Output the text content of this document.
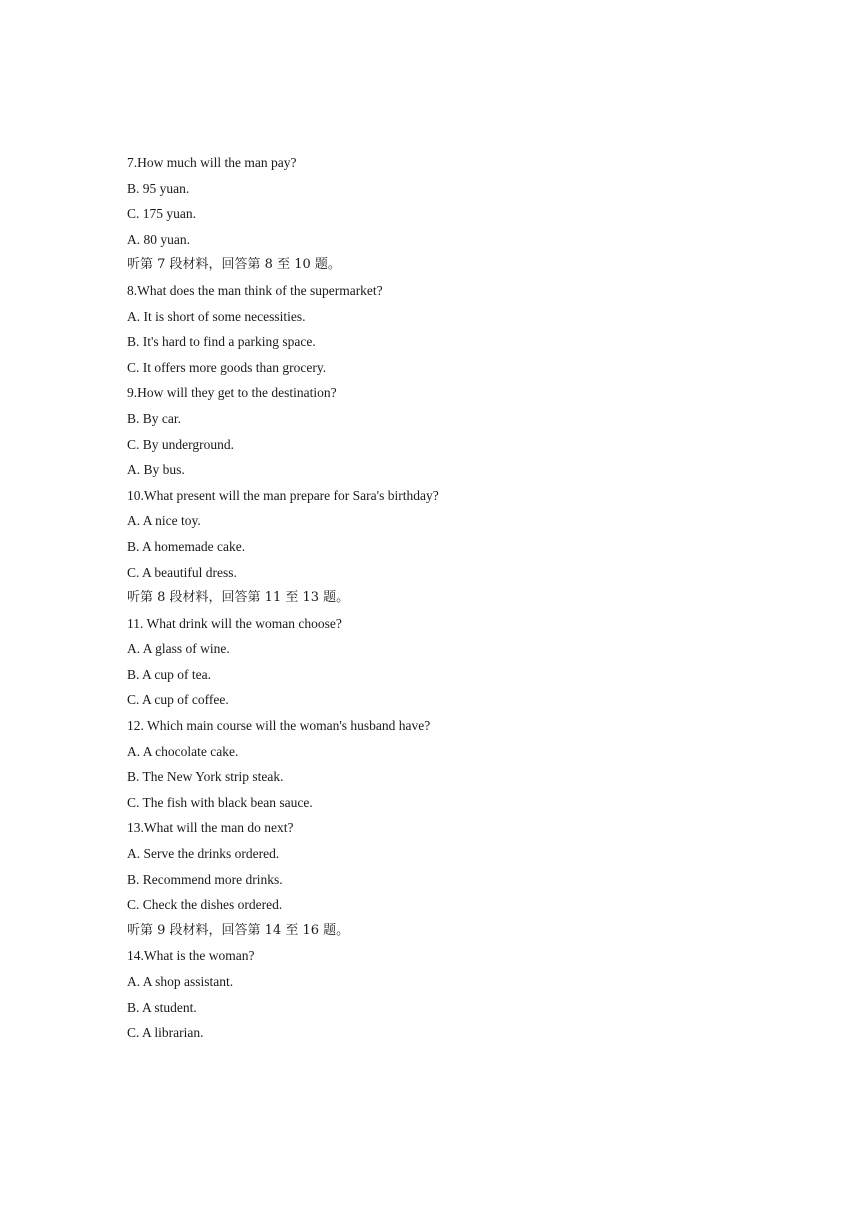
7.How much will the man pay?
B. 95 yuan.
C. 175 yuan.
A. 80 yuan.
听第 7 段材料，回答第 8 至 10 题。
8.What does the man think of the supermarket?
A. It is short of some necessities.
B. It's hard to find a parking space.
C. It offers more goods than grocery.
9.How will they get to the destination?
B. By car.
C. By underground.
A. By bus.
10.What present will the man prepare for Sara's birthday?
A. A nice toy.
B. A homemade cake.
C. A beautiful dress.
听第 8 段材料，回答第 11 至 13 题。
11. What drink will the woman choose?
A. A glass of wine.
B. A cup of tea.
C. A cup of coffee.
12. Which main course will the woman's husband have?
A. A chocolate cake.
B. The New York strip steak.
C. The fish with black bean sauce.
13.What will the man do next?
A. Serve the drinks ordered.
B. Recommend more drinks.
C. Check the dishes ordered.
听第 9 段材料，回答第 14 至 16 题。
14.What is the woman?
A. A shop assistant.
B. A student.
C. A librarian.
